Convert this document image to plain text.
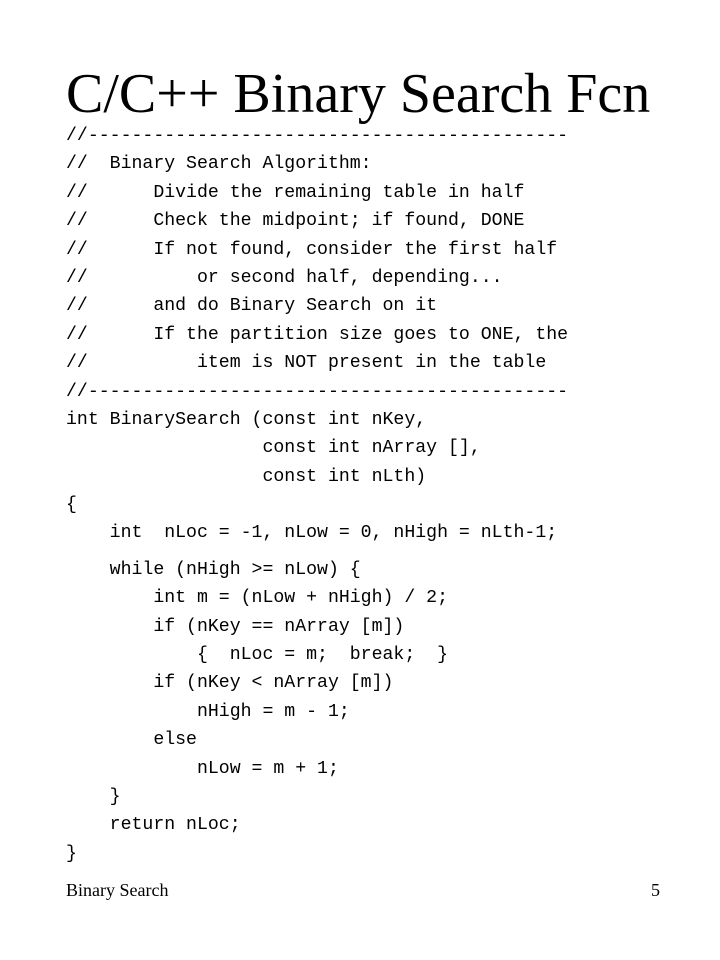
C/C++ Binary Search Fcn
//--------------------------------------------
//  Binary Search Algorithm:
//      Divide the remaining table in half
//      Check the midpoint; if found, DONE
//      If not found, consider the first half
//          or second half, depending...
//      and do Binary Search on it
//      If the partition size goes to ONE, the
//          item is NOT present in the table
//--------------------------------------------
int BinarySearch (const int nKey,
const int nArray [],
const int nLth)
{
int  nLoc = -1, nLow = 0, nHigh = nLth-1;
while (nHigh >= nLow) {
int m = (nLow + nHigh) / 2;
if (nKey == nArray [m])
{  nLoc = m;  break;  }
if (nKey < nArray [m])
nHigh = m - 1;
else
nLow = m + 1;
}
return nLoc;
}
Binary Search	5
